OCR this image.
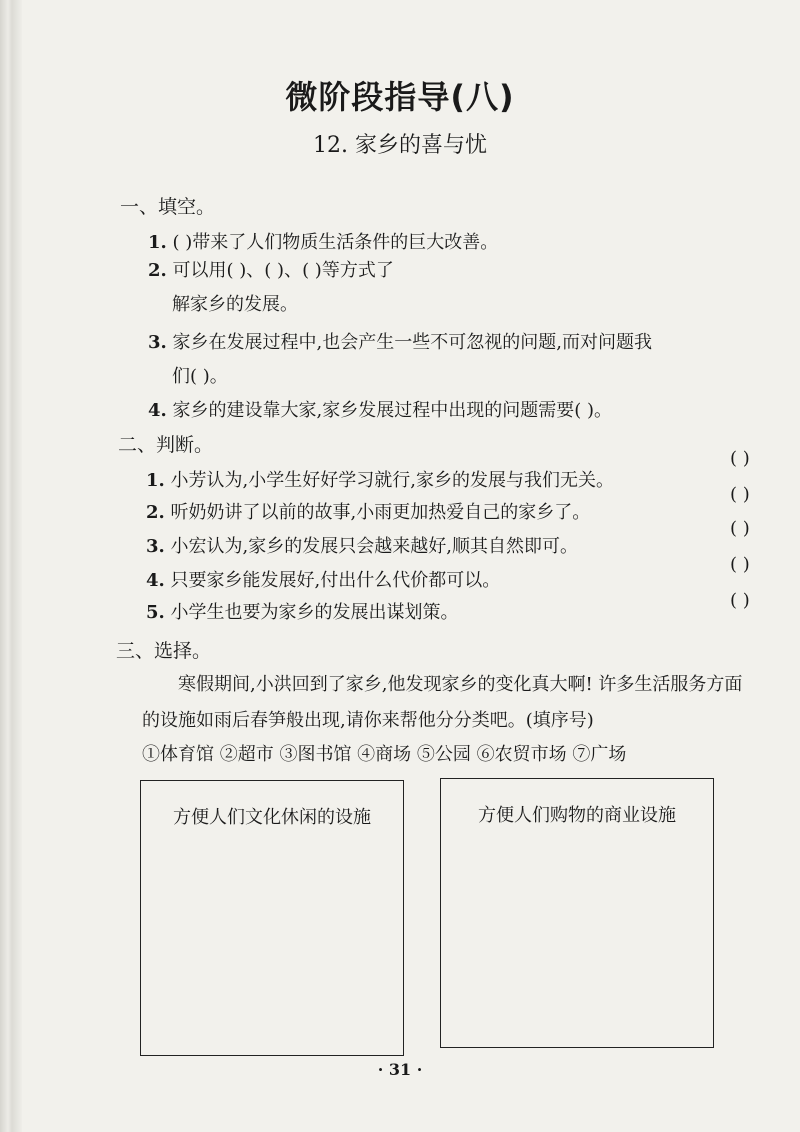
微阶段指导(八)
12. 家乡的喜与忧
一、填空。
1. ( )带来了人们物质生活条件的巨大改善。
2. 可以用( )、( )、( )等方式了
解家乡的发展。
3. 家乡在发展过程中,也会产生一些不可忽视的问题,而对问题我
们( )。
4. 家乡的建设靠大家,家乡发展过程中出现的问题需要( )。
二、判断。
1. 小芳认为,小学生好好学习就行,家乡的发展与我们无关。
( )
2. 听奶奶讲了以前的故事,小雨更加热爱自己的家乡了。
( )
3. 小宏认为,家乡的发展只会越来越好,顺其自然即可。
( )
4. 只要家乡能发展好,付出什么代价都可以。
( )
5. 小学生也要为家乡的发展出谋划策。
( )
三、选择。
寒假期间,小洪回到了家乡,他发现家乡的变化真大啊! 许多生活服务方面
的设施如雨后春笋般出现,请你来帮他分分类吧。(填序号)
①体育馆 ②超市 ③图书馆 ④商场 ⑤公园 ⑥农贸市场 ⑦广场
方便人们文化休闲的设施	方便人们购物的商业设施
· 31 ·
